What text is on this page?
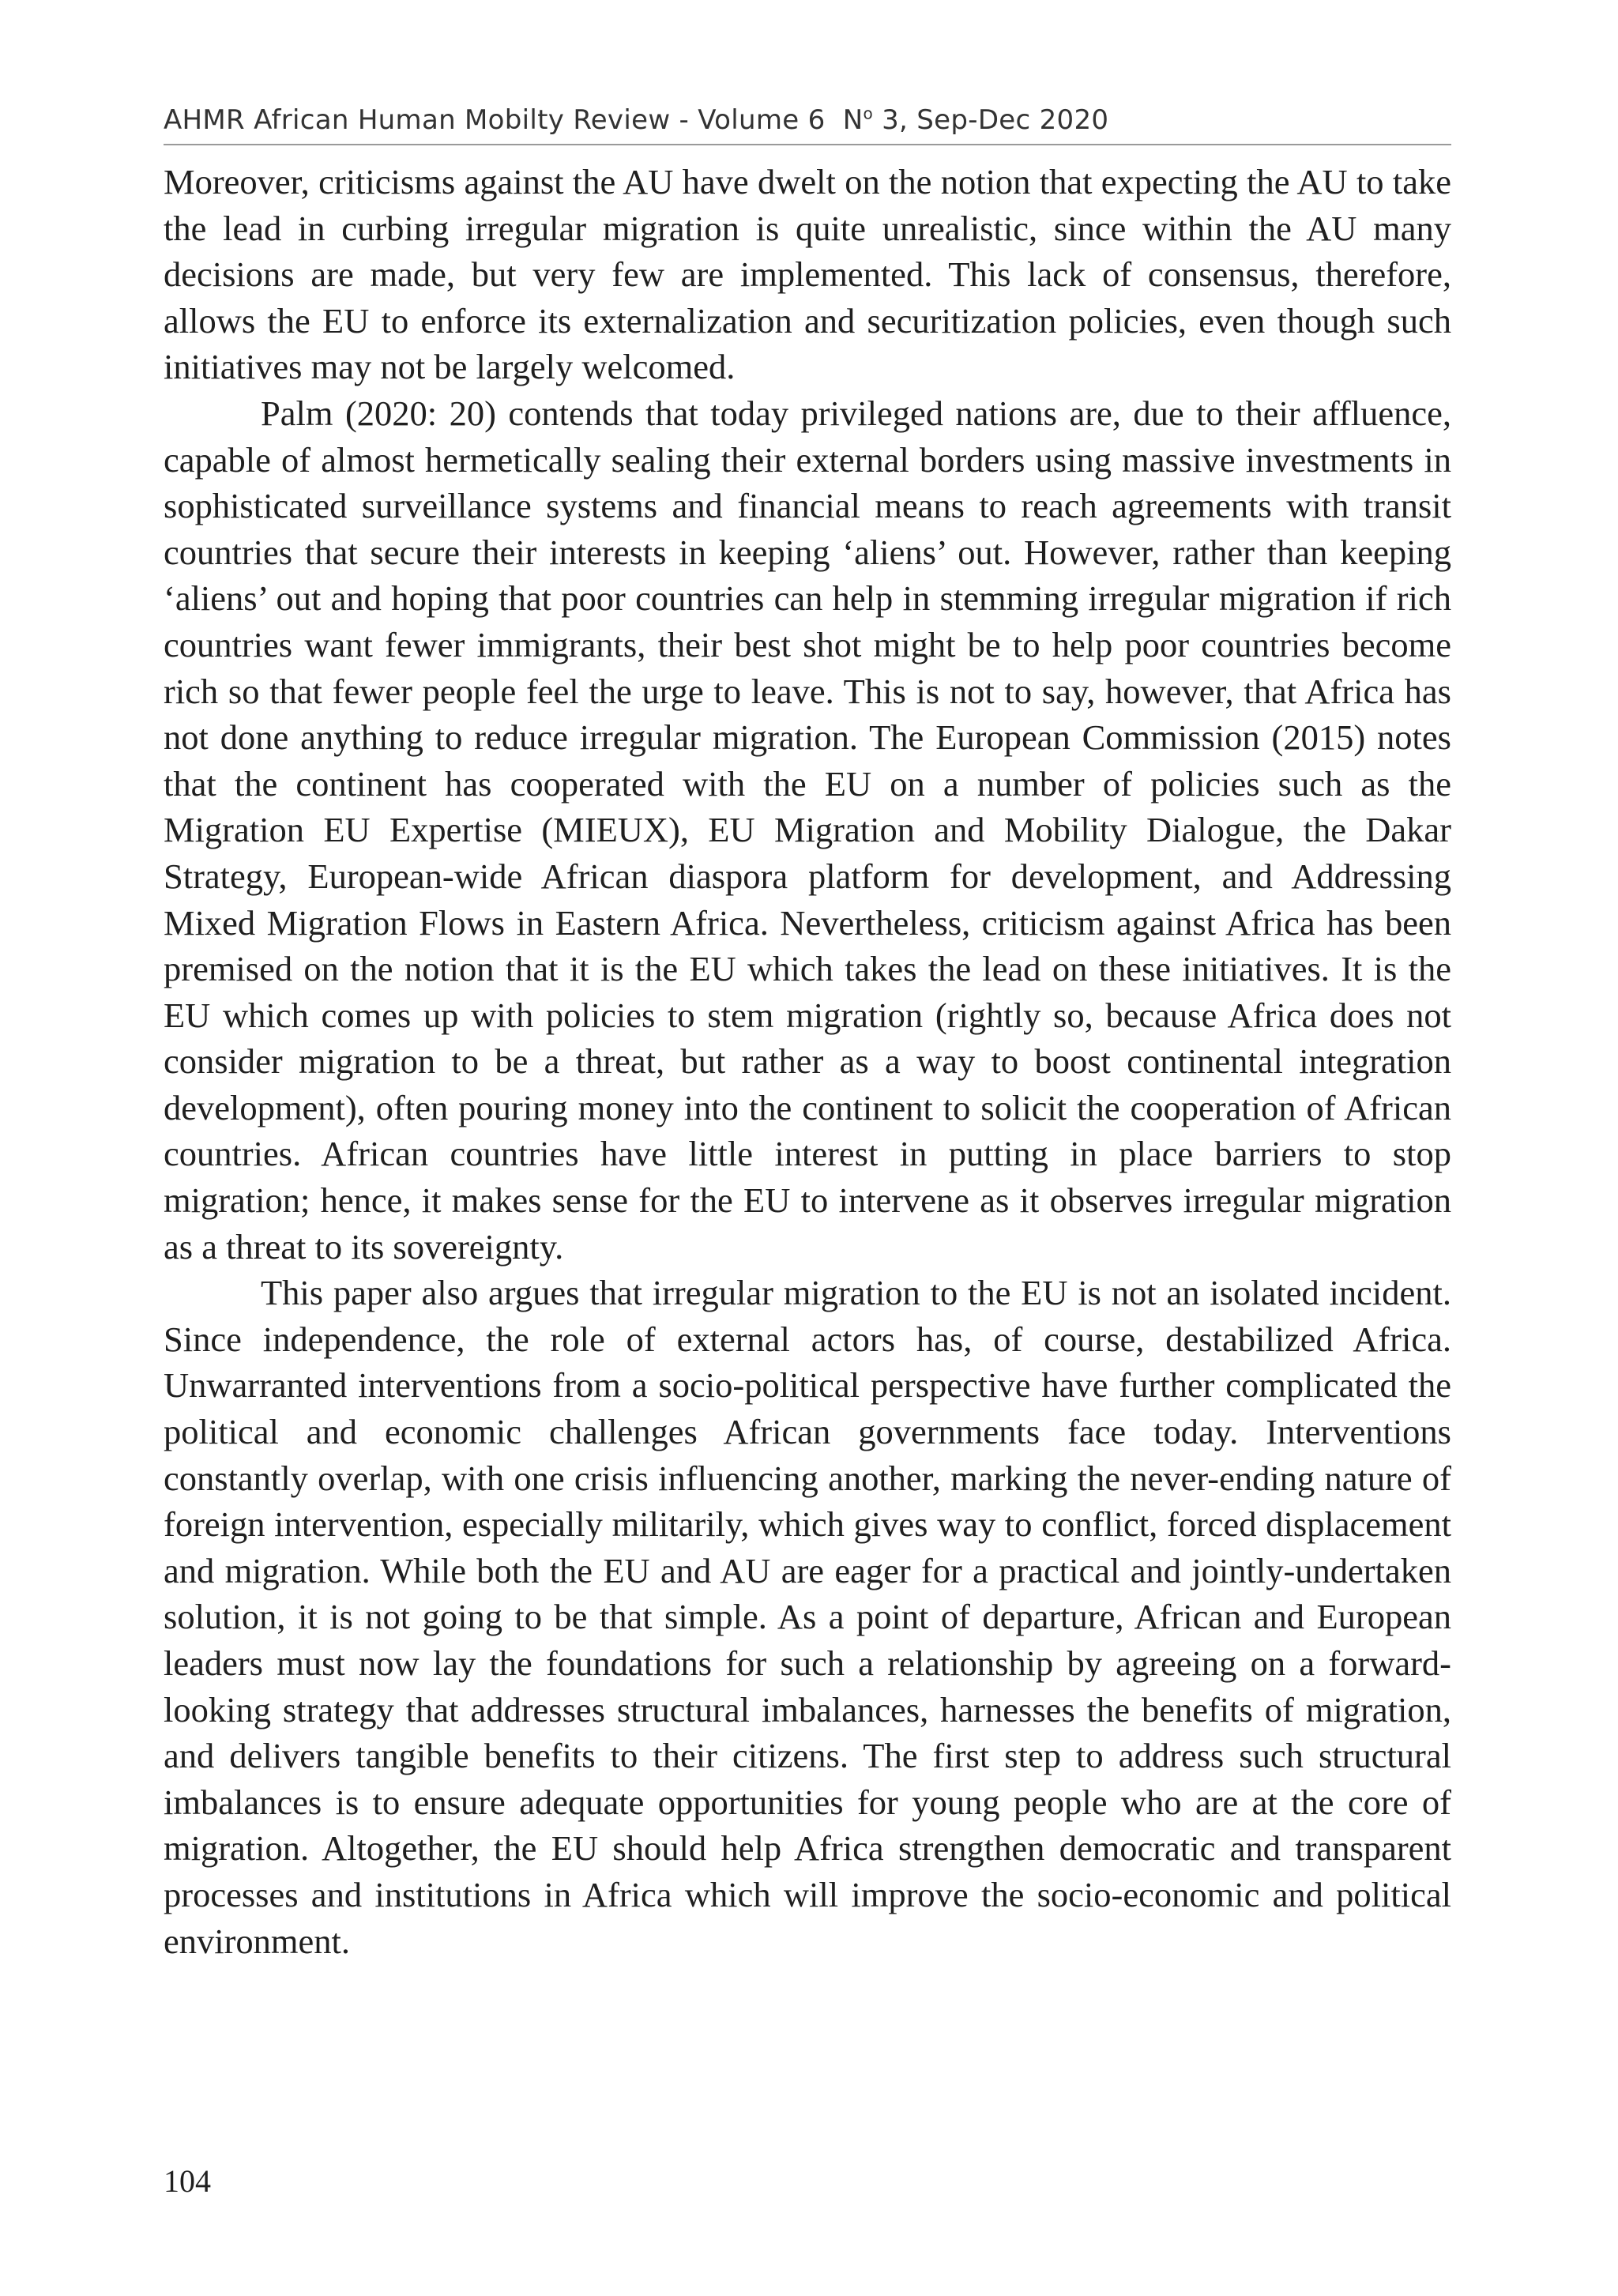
AHMR African Human Mobilty Review - Volume 6 $N^o$ 3, Sep-Dec 2020

Moreover, criticisms against the AU have dwelt on the notion that expecting the AU to take the lead in curbing irregular migration is quite unrealistic, since within the AU many decisions are made, but very few are implemented. This lack of consensus, therefore, allows the EU to enforce its externalization and securitization policies, even though such initiatives may not be largely welcomed.

Palm (2020: 20) contends that today privileged nations are, due to their affluence, capable of almost hermetically sealing their external borders using massive investments in sophisticated surveillance systems and financial means to reach agreements with transit countries that secure their interests in keeping ‘aliens’ out. However, rather than keeping ‘aliens’ out and hoping that poor countries can help in stemming irregular migration if rich countries want fewer immigrants, their best shot might be to help poor countries become rich so that fewer people feel the urge to leave. This is not to say, however, that Africa has not done anything to reduce irregular migration. The European Commission (2015) notes that the continent has cooperated with the EU on a number of policies such as the Migration EU Expertise (MIEUX), EU Migration and Mobility Dialogue, the Dakar Strategy, European-wide African diaspora platform for development, and Addressing Mixed Migration Flows in Eastern Africa. Nevertheless, criticism against Africa has been premised on the notion that it is the EU which takes the lead on these initiatives. It is the EU which comes up with policies to stem migration (rightly so, because Africa does not consider migration to be a threat, but rather as a way to boost continental integration development), often pouring money into the continent to solicit the cooperation of African countries. African countries have little interest in putting in place barriers to stop migration; hence, it makes sense for the EU to intervene as it observes irregular migration as a threat to its sovereignty.

This paper also argues that irregular migration to the EU is not an isolated incident. Since independence, the role of external actors has, of course, destabilized Africa. Unwarranted interventions from a socio-political perspective have further complicated the political and economic challenges African governments face today. Interventions constantly overlap, with one crisis influencing another, marking the never-ending nature of foreign intervention, especially militarily, which gives way to conflict, forced displacement and migration. While both the EU and AU are eager for a practical and jointly-undertaken solution, it is not going to be that simple. As a point of departure, African and European leaders must now lay the foundations for such a relationship by agreeing on a forward-looking strategy that addresses structural imbalances, harnesses the benefits of migration, and delivers tangible benefits to their citizens. The first step to address such structural imbalances is to ensure adequate opportunities for young people who are at the core of migration. Altogether, the EU should help Africa strengthen democratic and transparent processes and institutions in Africa which will improve the socio-economic and political environment.

104
